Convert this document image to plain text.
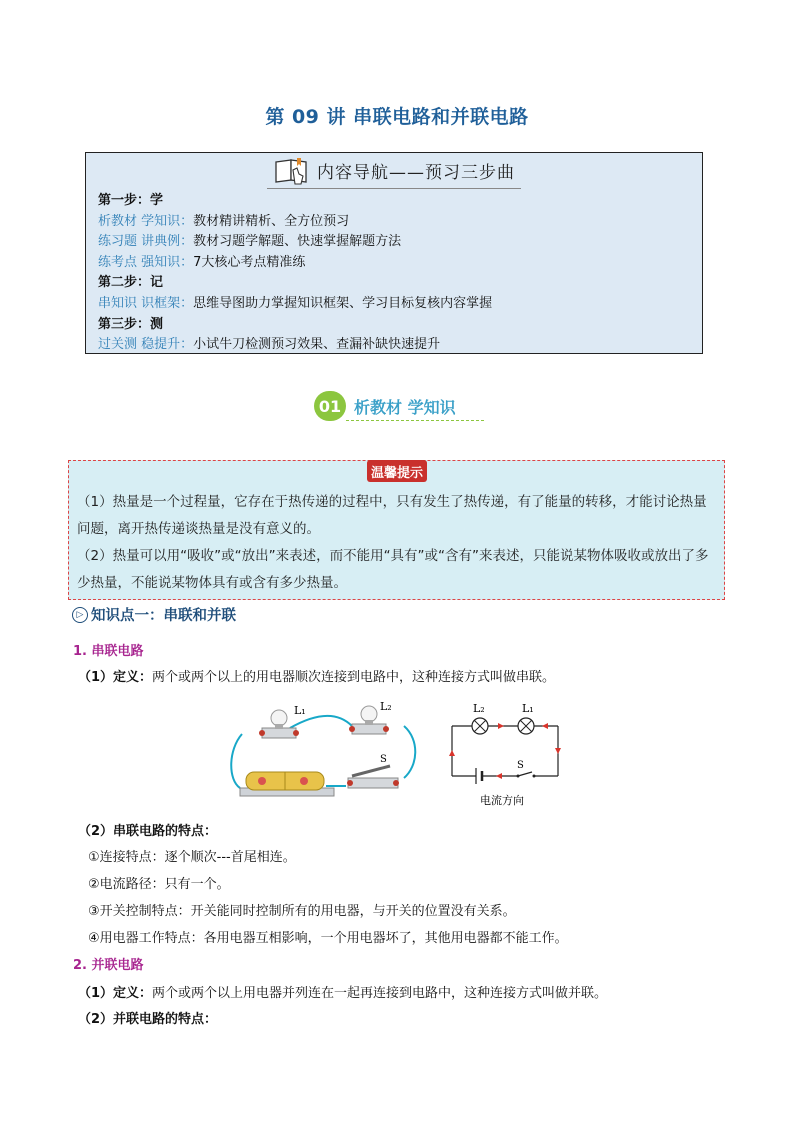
第 09 讲 串联电路和并联电路
内容导航——预习三步曲
第一步：学
析教材 学知识：教材精讲精析、全方位预习
练习题 讲典例：教材习题学解题、快速掌握解题方法
练考点 强知识：7大核心考点精准练
第二步：记
串知识 识框架：思维导图助力掌握知识框架、学习目标复核内容掌握
第三步：测
过关测 稳提升：小试牛刀检测预习效果、查漏补缺快速提升
01 析教材 学知识
温馨提示
（1）热量是一个过程量，它存在于热传递的过程中，只有发生了热传递，有了能量的转移，才能讨论热量问题，离开热传递谈热量是没有意义的。
（2）热量可以用“吸收”或“放出”来表述，而不能用“具有”或“含有”来表述，只能说某物体吸收或放出了多少热量，不能说某物体具有或含有多少热量。
▷ 知识点一：串联和并联
1. 串联电路
（1）定义：两个或两个以上的用电器顺次连接到电路中，这种连接方式叫做串联。
L₁	L₂
S
L₂	L₁
S
电流方向
（2）串联电路的特点：
①连接特点：逐个顺次---首尾相连。
②电流路径：只有一个。
③开关控制特点：开关能同时控制所有的用电器，与开关的位置没有关系。
④用电器工作特点：各用电器互相影响，一个用电器坏了，其他用电器都不能工作。
2. 并联电路
（1）定义：两个或两个以上用电器并列连在一起再连接到电路中，这种连接方式叫做并联。
（2）并联电路的特点：
